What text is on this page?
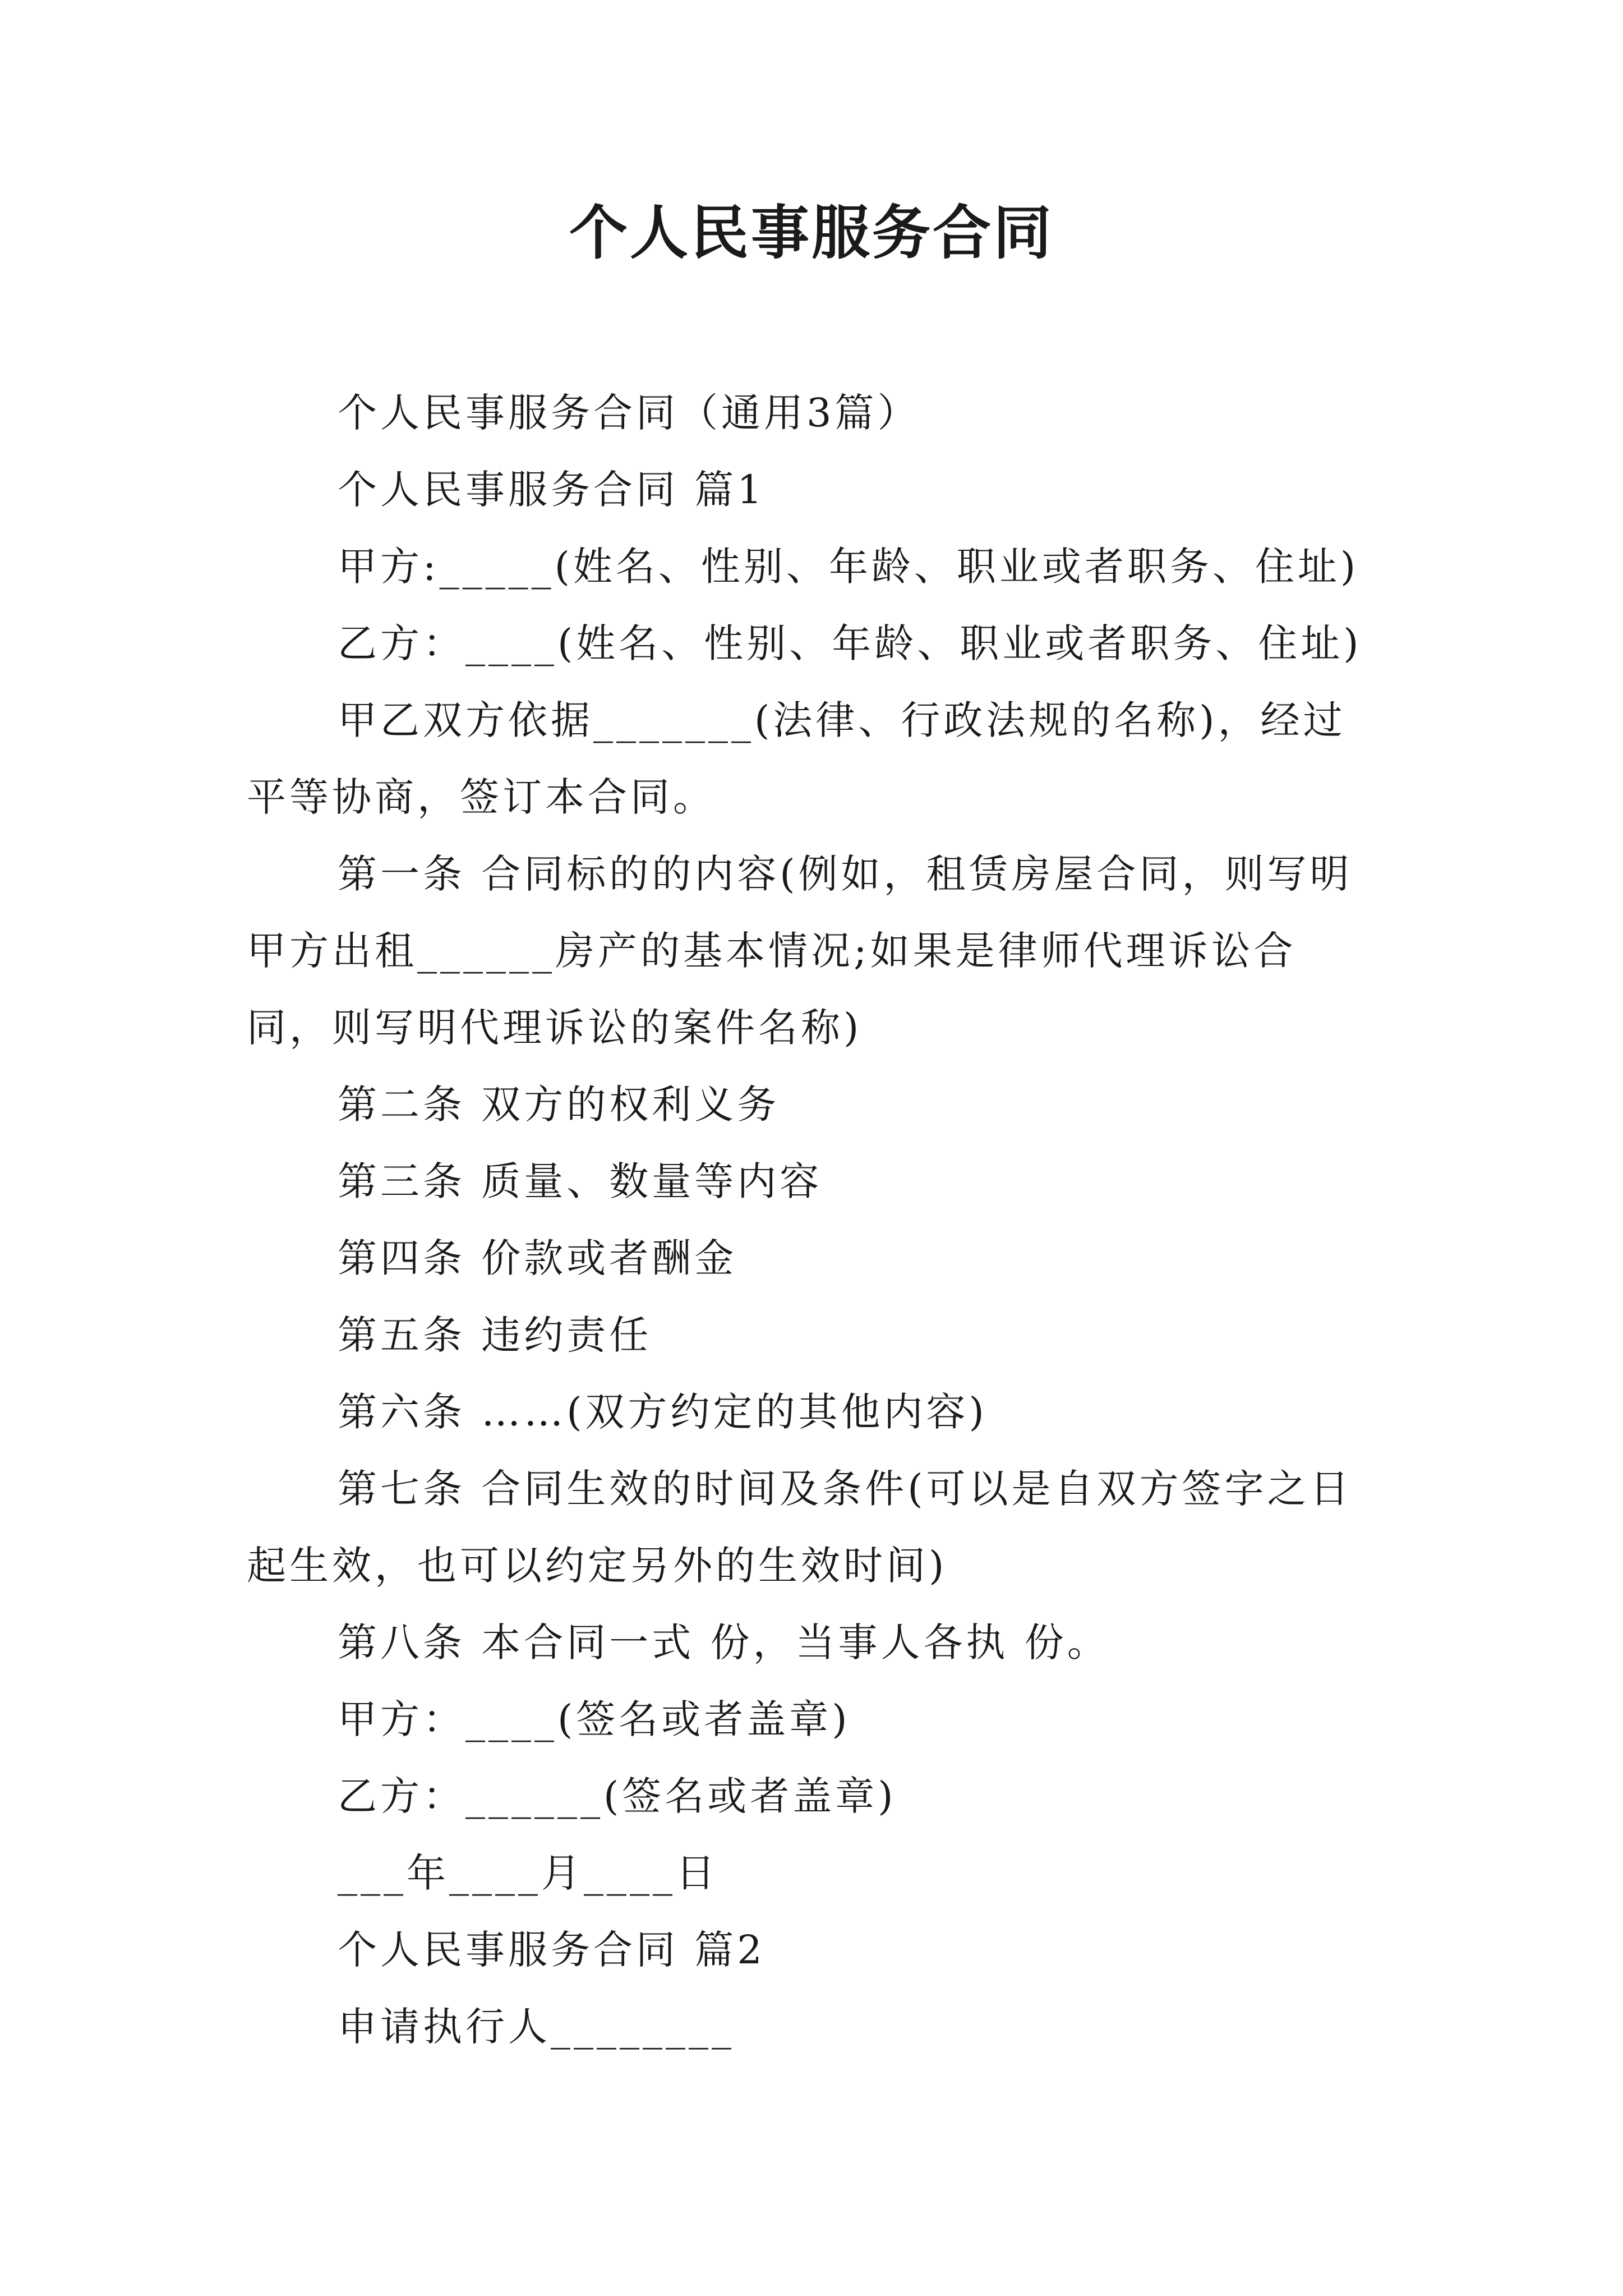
个人民事服务合同

个人民事服务合同（通用3篇）

个人民事服务合同 篇1

甲方:_____(姓名、性别、年龄、职业或者职务、住址)

乙方：____(姓名、性别、年龄、职业或者职务、住址)

甲乙双方依据_______(法律、行政法规的名称)，经过平等协商，签订本合同。

第一条 合同标的的内容(例如，租赁房屋合同，则写明甲方出租______房产的基本情况;如果是律师代理诉讼合同，则写明代理诉讼的案件名称)

第二条 双方的权利义务

第三条 质量、数量等内容

第四条 价款或者酬金

第五条 违约责任

第六条 ……(双方约定的其他内容)

第七条 合同生效的时间及条件(可以是自双方签字之日起生效，也可以约定另外的生效时间)

第八条 本合同一式 份，当事人各执 份。

甲方：____(签名或者盖章)

乙方：______(签名或者盖章)

___年____月____日

个人民事服务合同 篇2

申请执行人________
